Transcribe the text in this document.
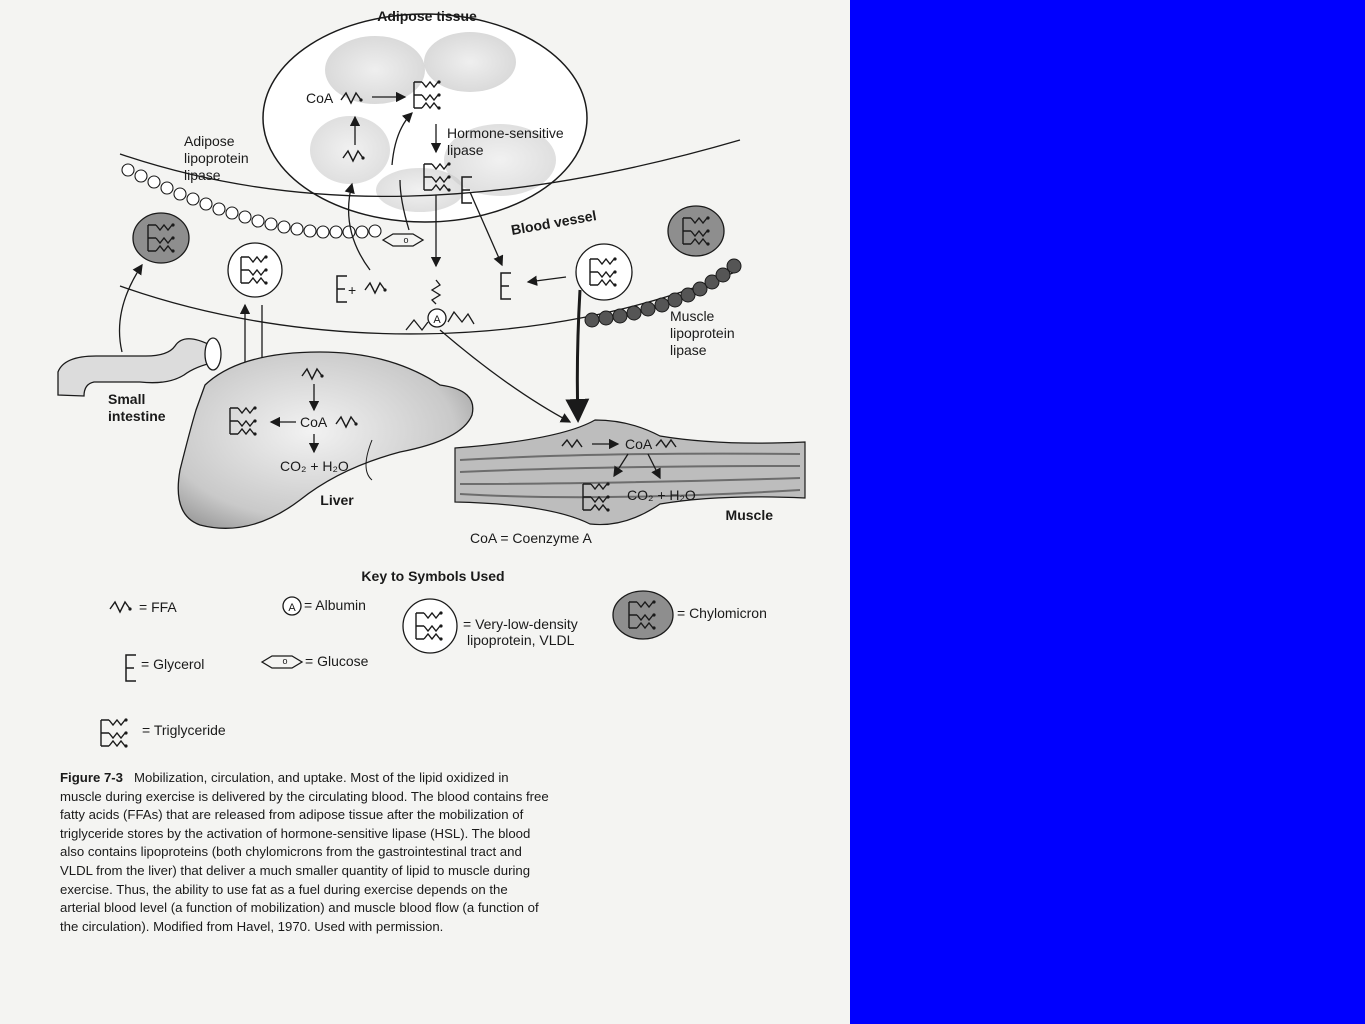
Adipose tissue
CoA
Hormone-sensitive
lipase
Blood vessel
Adipose
lipoprotein
lipase
Muscle
lipoprotein
lipase
o
+
A
Small
intestine	CoA
CO₂ + H₂O
Liver
CoA
CO₂ + H₂O
Muscle
CoA = Coenzyme A
Key to Symbols Used
= FFA	A = Albumin
= Very-low-density
lipoprotein, VLDL
= Chylomicron
= Glycerol	o = Glucose
= Triglyceride

Figure 7-3 Mobilization, circulation, and uptake. Most of the lipid oxidized in muscle during exercise is delivered by the circulating blood. The blood contains free fatty acids (FFAs) that are released from adipose tissue after the mobilization of triglyceride stores by the activation of hormone-sensitive lipase (HSL). The blood also contains lipoproteins (both chylomicrons from the gastrointestinal tract and VLDL from the liver) that deliver a much smaller quantity of lipid to muscle during exercise. Thus, the ability to use fat as a fuel during exercise depends on the arterial blood level (a function of mobilization) and muscle blood flow (a function of the circulation). Modified from Havel, 1970. Used with permission.
